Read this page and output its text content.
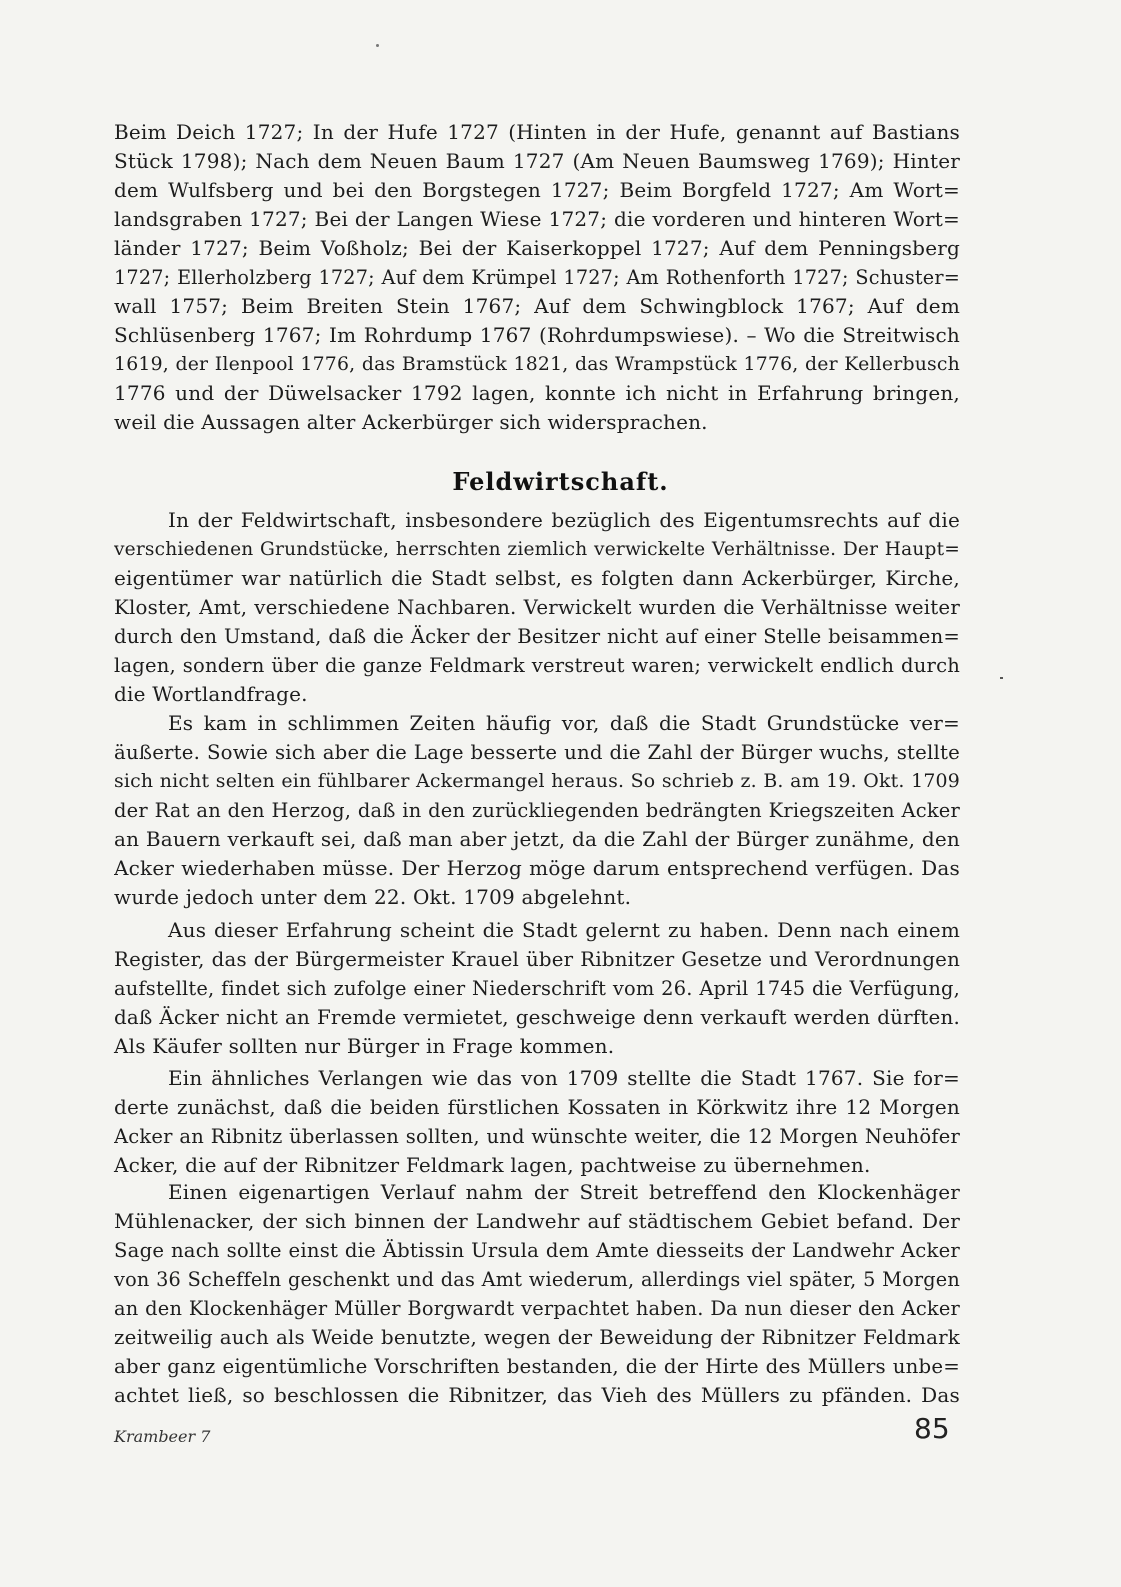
Beim Deich 1727; In der Hufe 1727 (Hinten in der Hufe, genannt auf Bastians
Stück 1798); Nach dem Neuen Baum 1727 (Am Neuen Baumsweg 1769); Hinter
dem Wulfsberg und bei den Borgstegen 1727; Beim Borgfeld 1727; Am Wort=
landsgraben 1727; Bei der Langen Wiese 1727; die vorderen und hinteren Wort=
länder 1727; Beim Voßholz; Bei der Kaiserkoppel 1727; Auf dem Penningsberg
1727; Ellerholzberg 1727; Auf dem Krümpel 1727; Am Rothenforth 1727; Schuster=
wall 1757; Beim Breiten Stein 1767; Auf dem Schwingblock 1767; Auf dem
Schlüsenberg 1767; Im Rohrdump 1767 (Rohrdumpswiese). – Wo die Streitwisch
1619, der Ilenpool 1776, das Bramstück 1821, das Wrampstück 1776, der Kellerbusch
1776 und der Düwelsacker 1792 lagen, konnte ich nicht in Erfahrung bringen,
weil die Aussagen alter Ackerbürger sich widersprachen.
Feldwirtschaft.
In der Feldwirtschaft, insbesondere bezüglich des Eigentumsrechts auf die
verschiedenen Grundstücke, herrschten ziemlich verwickelte Verhältnisse. Der Haupt=
eigentümer war natürlich die Stadt selbst, es folgten dann Ackerbürger, Kirche,
Kloster, Amt, verschiedene Nachbaren. Verwickelt wurden die Verhältnisse weiter
durch den Umstand, daß die Äcker der Besitzer nicht auf einer Stelle beisammen=
lagen, sondern über die ganze Feldmark verstreut waren; verwickelt endlich durch
die Wortlandfrage.
Es kam in schlimmen Zeiten häufig vor, daß die Stadt Grundstücke ver=
äußerte. Sowie sich aber die Lage besserte und die Zahl der Bürger wuchs, stellte
sich nicht selten ein fühlbarer Ackermangel heraus. So schrieb z. B. am 19. Okt. 1709
der Rat an den Herzog, daß in den zurückliegenden bedrängten Kriegszeiten Acker
an Bauern verkauft sei, daß man aber jetzt, da die Zahl der Bürger zunähme, den
Acker wiederhaben müsse. Der Herzog möge darum entsprechend verfügen. Das
wurde jedoch unter dem 22. Okt. 1709 abgelehnt.
Aus dieser Erfahrung scheint die Stadt gelernt zu haben. Denn nach einem
Register, das der Bürgermeister Krauel über Ribnitzer Gesetze und Verordnungen
aufstellte, findet sich zufolge einer Niederschrift vom 26. April 1745 die Verfügung,
daß Äcker nicht an Fremde vermietet, geschweige denn verkauft werden dürften.
Als Käufer sollten nur Bürger in Frage kommen.
Ein ähnliches Verlangen wie das von 1709 stellte die Stadt 1767. Sie for=
derte zunächst, daß die beiden fürstlichen Kossaten in Körkwitz ihre 12 Morgen
Acker an Ribnitz überlassen sollten, und wünschte weiter, die 12 Morgen Neuhöfer
Acker, die auf der Ribnitzer Feldmark lagen, pachtweise zu übernehmen.
Einen eigenartigen Verlauf nahm der Streit betreffend den Klockenhäger
Mühlenacker, der sich binnen der Landwehr auf städtischem Gebiet befand. Der
Sage nach sollte einst die Äbtissin Ursula dem Amte diesseits der Landwehr Acker
von 36 Scheffeln geschenkt und das Amt wiederum, allerdings viel später, 5 Morgen
an den Klockenhäger Müller Borgwardt verpachtet haben. Da nun dieser den Acker
zeitweilig auch als Weide benutzte, wegen der Beweidung der Ribnitzer Feldmark
aber ganz eigentümliche Vorschriften bestanden, die der Hirte des Müllers unbe=
achtet ließ, so beschlossen die Ribnitzer, das Vieh des Müllers zu pfänden. Das
Krambeer 7	85
